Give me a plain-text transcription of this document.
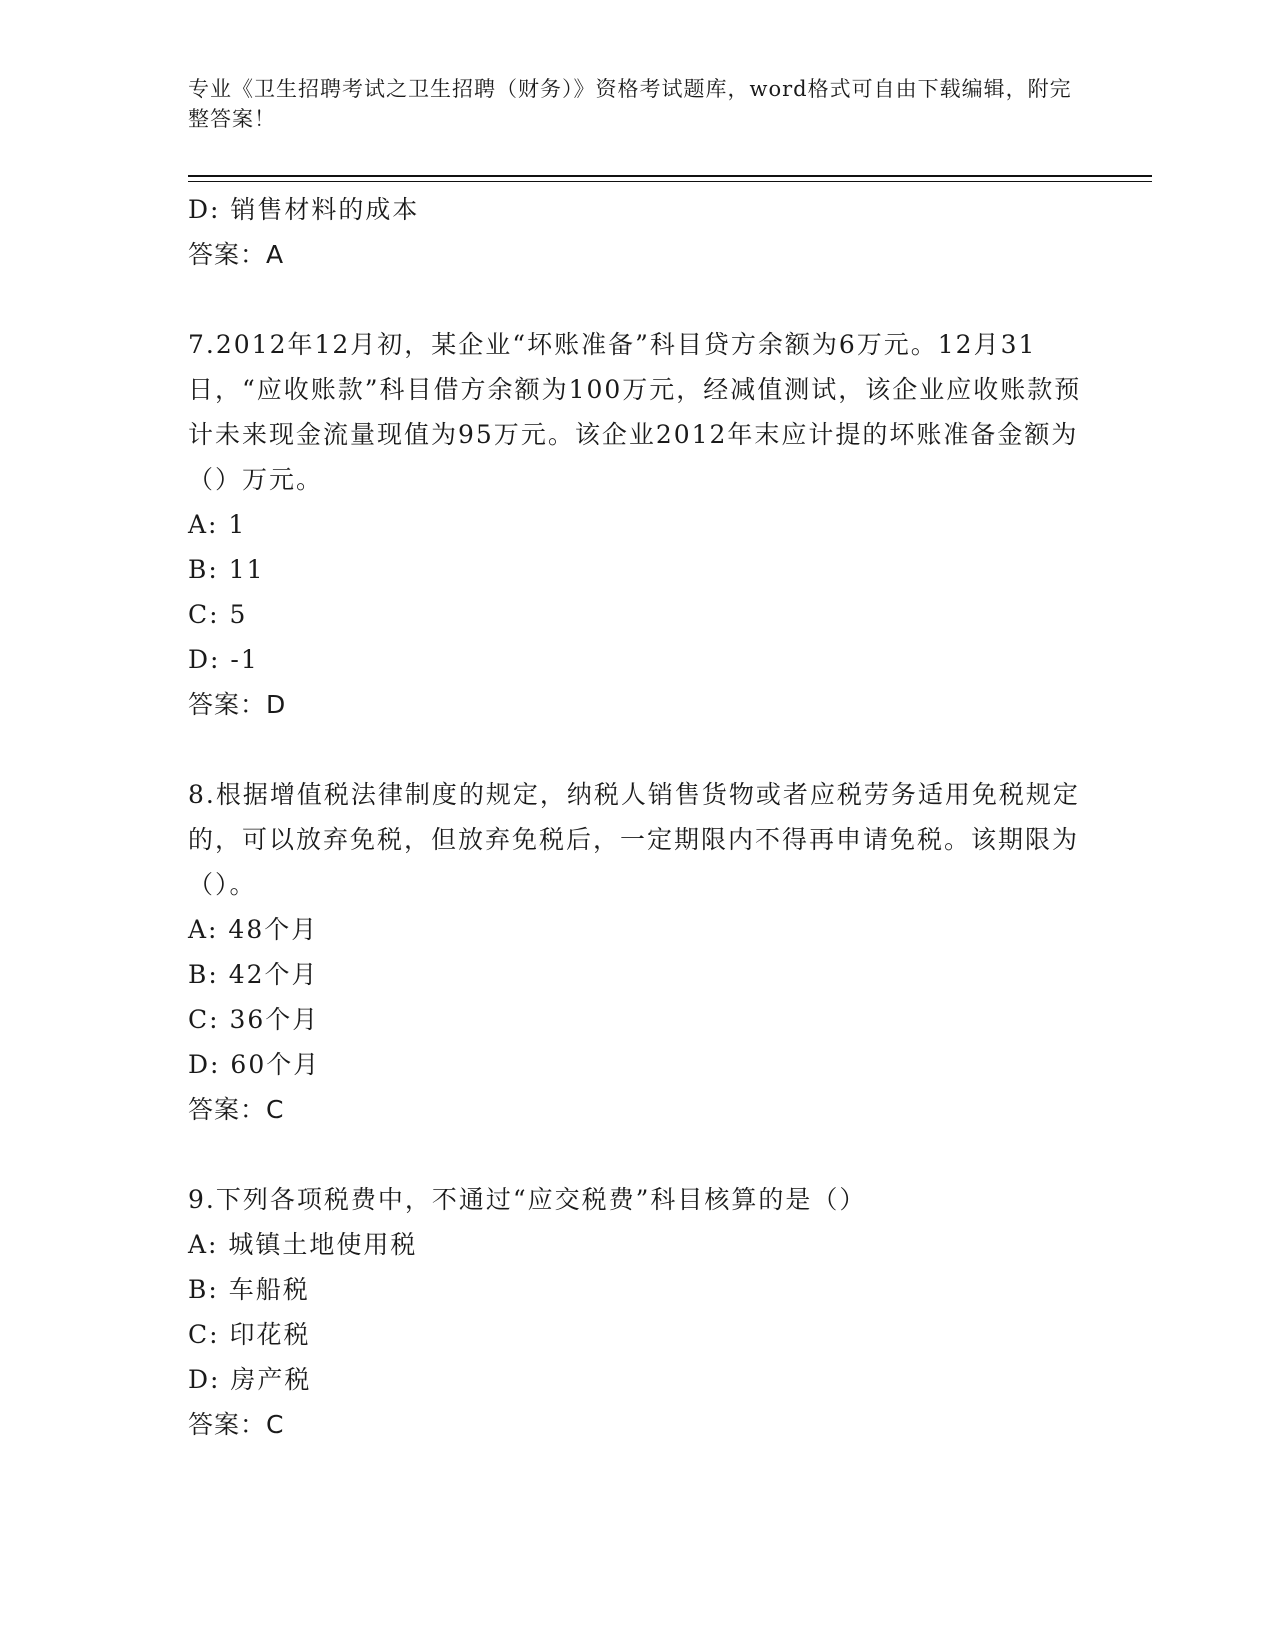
专业《卫生招聘考试之卫生招聘（财务）》资格考试题库，word格式可自由下载编辑，附完整答案！
D: 销售材料的成本
答案：A
7.2012年12月初，某企业“坏账准备”科目贷方余额为6万元。12月31日，“应收账款”科目借方余额为100万元，经减值测试，该企业应收账款预计未来现金流量现值为95万元。该企业2012年末应计提的坏账准备金额为（）万元。
A: 1
B: 11
C: 5
D: -1
答案：D
8.根据增值税法律制度的规定，纳税人销售货物或者应税劳务适用免税规定的，可以放弃免税，但放弃免税后，一定期限内不得再申请免税。该期限为（）。
A: 48个月
B: 42个月
C: 36个月
D: 60个月
答案：C
9.下列各项税费中，不通过“应交税费”科目核算的是（）
A: 城镇土地使用税
B: 车船税
C: 印花税
D: 房产税
答案：C
